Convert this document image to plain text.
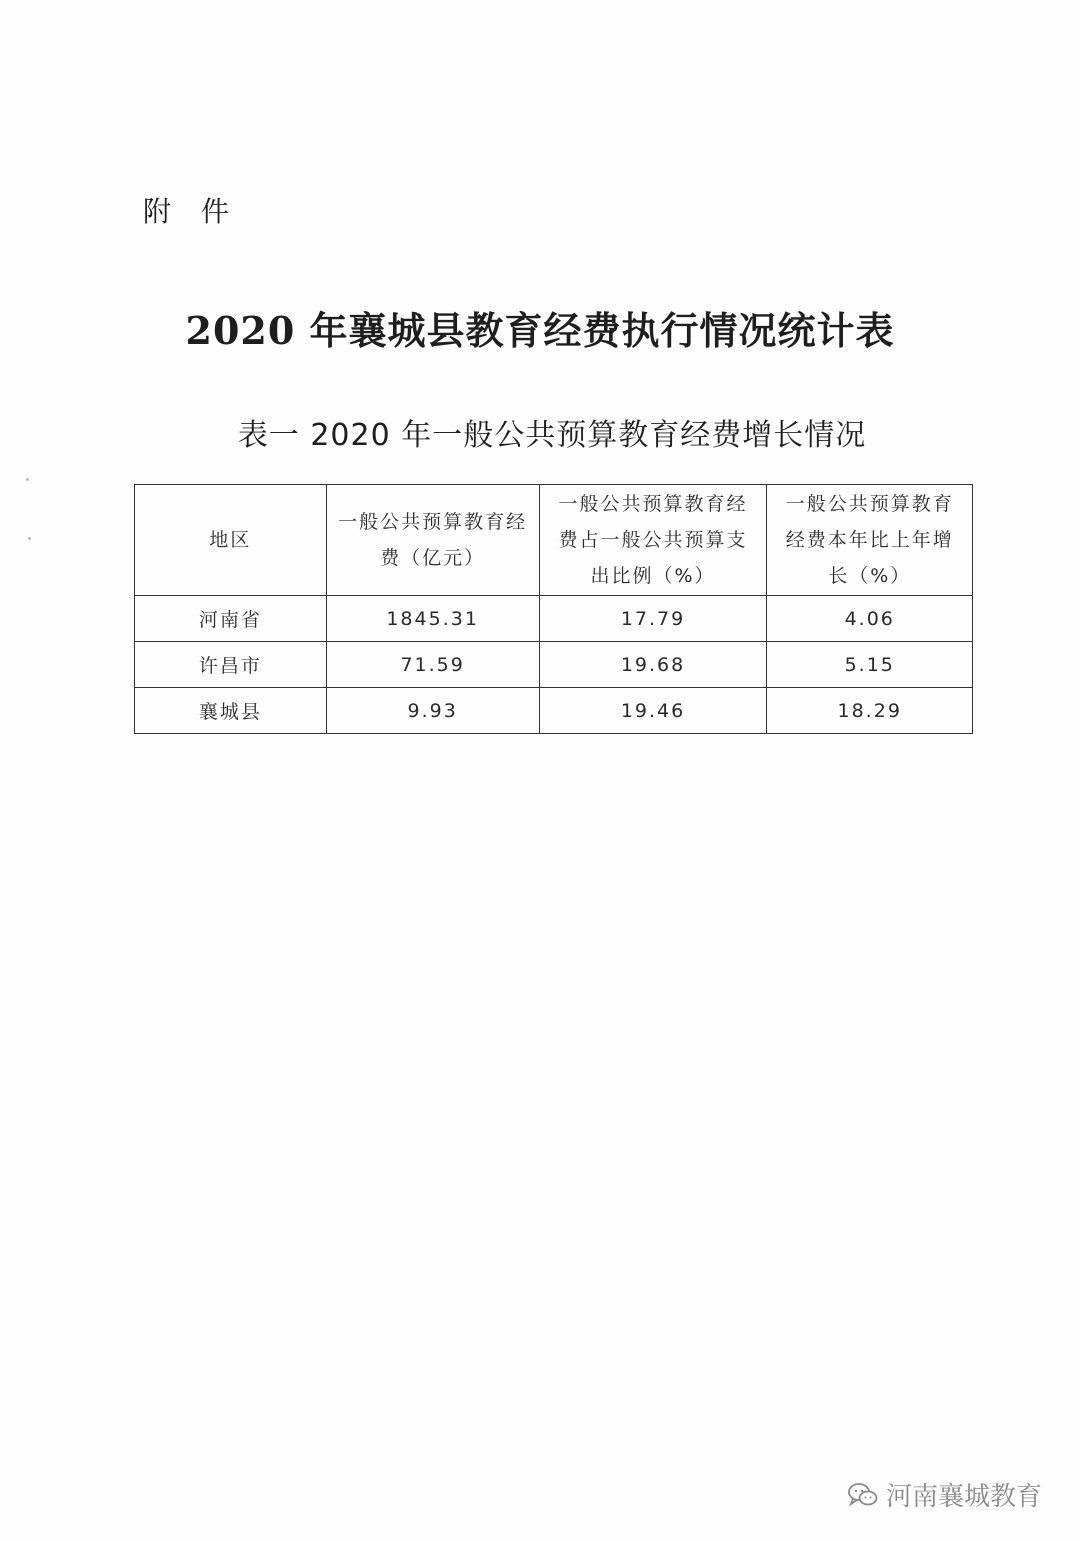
附件
2020 年襄城县教育经费执行情况统计表
表一 2020 年一般公共预算教育经费增长情况
地区	一般公共预算教育经费（亿元）	一般公共预算教育经费占一般公共预算支出比例（%）	一般公共预算教育经费本年比上年增长（%）
河南省	1845.31	17.79	4.06
许昌市	71.59	19.68	5.15
襄城县	9.93	19.46	18.29
河南襄城教育
